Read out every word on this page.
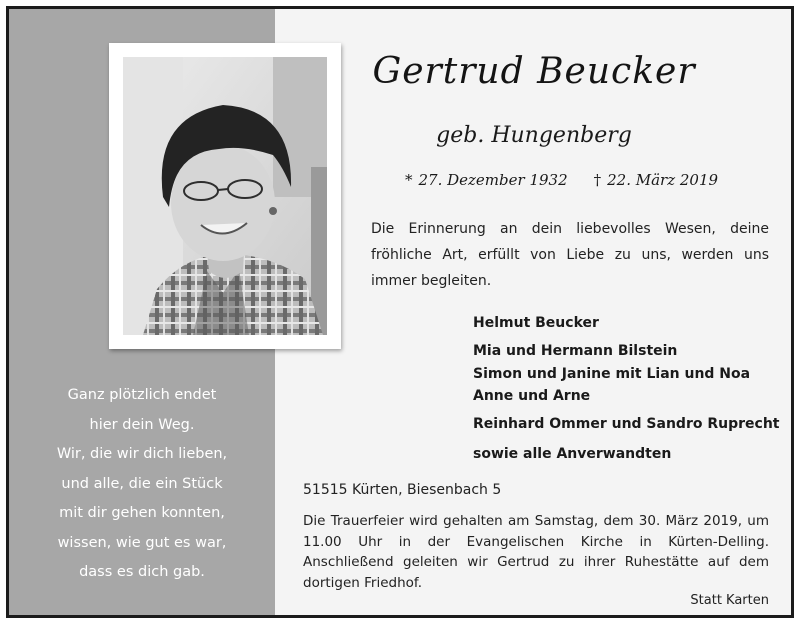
Ganz plötzlich endet
hier dein Weg.
Wir, die wir dich lieben,
und alle, die ein Stück
mit dir gehen konnten,
wissen, wie gut es war,
dass es dich gab.
Gertrud Beucker
geb. Hungenberg
* 27. Dezember 1932 † 22. März 2019
Die Erinnerung an dein liebevolles Wesen, deine fröhliche Art, erfüllt von Liebe zu uns, werden uns immer begleiten.
Helmut Beucker
Mia und Hermann Bilstein
Simon und Janine mit Lian und Noa
Anne und Arne
Reinhard Ommer und Sandro Ruprecht
sowie alle Anverwandten
51515 Kürten, Biesenbach 5
Die Trauerfeier wird gehalten am Samstag, dem 30. März 2019, um 11.00 Uhr in der Evangelischen Kirche in Kürten-Delling. Anschließend geleiten wir Gertrud zu ihrer Ruhestätte auf dem dortigen Friedhof.
Statt Karten
